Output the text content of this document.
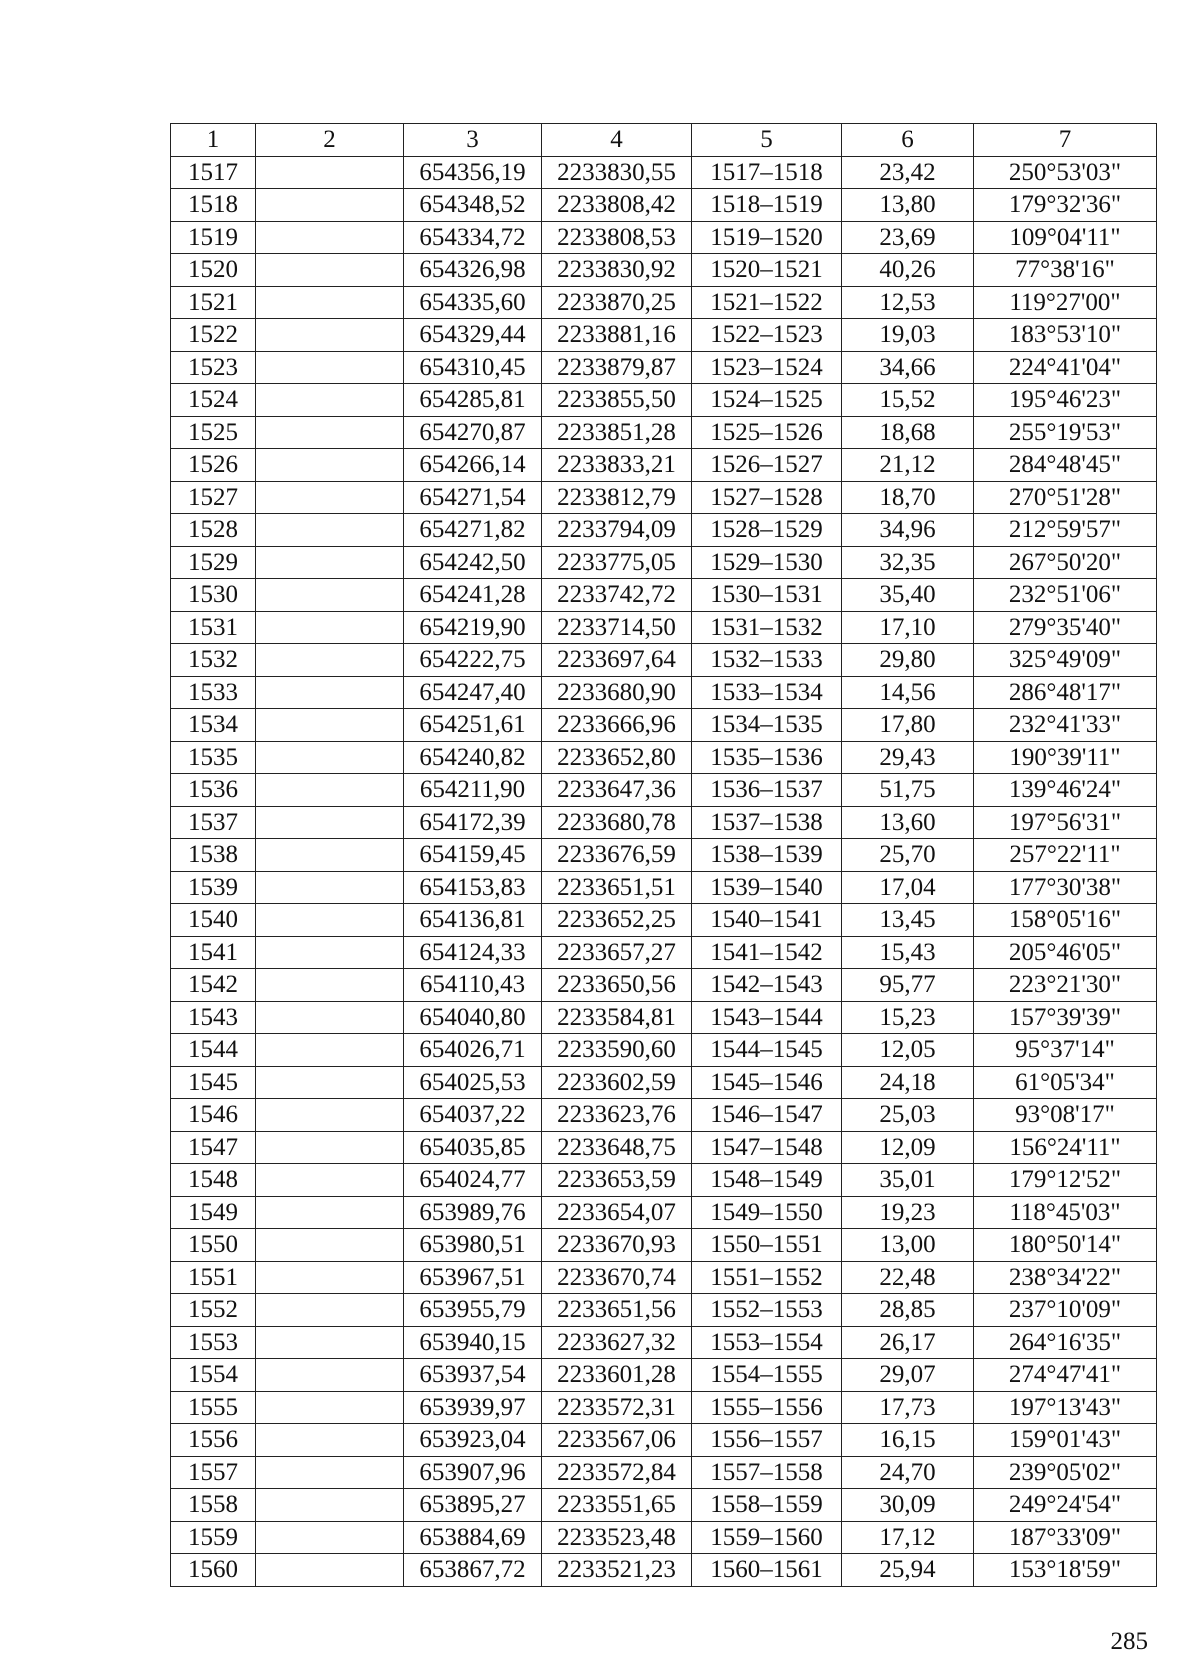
1	2	3	4	5	6	7
1517		654356,19	2233830,55	1517–1518	23,42	250°53'03"
1518		654348,52	2233808,42	1518–1519	13,80	179°32'36"
1519		654334,72	2233808,53	1519–1520	23,69	109°04'11"
1520		654326,98	2233830,92	1520–1521	40,26	77°38'16"
1521		654335,60	2233870,25	1521–1522	12,53	119°27'00"
1522		654329,44	2233881,16	1522–1523	19,03	183°53'10"
1523		654310,45	2233879,87	1523–1524	34,66	224°41'04"
1524		654285,81	2233855,50	1524–1525	15,52	195°46'23"
1525		654270,87	2233851,28	1525–1526	18,68	255°19'53"
1526		654266,14	2233833,21	1526–1527	21,12	284°48'45"
1527		654271,54	2233812,79	1527–1528	18,70	270°51'28"
1528		654271,82	2233794,09	1528–1529	34,96	212°59'57"
1529		654242,50	2233775,05	1529–1530	32,35	267°50'20"
1530		654241,28	2233742,72	1530–1531	35,40	232°51'06"
1531		654219,90	2233714,50	1531–1532	17,10	279°35'40"
1532		654222,75	2233697,64	1532–1533	29,80	325°49'09"
1533		654247,40	2233680,90	1533–1534	14,56	286°48'17"
1534		654251,61	2233666,96	1534–1535	17,80	232°41'33"
1535		654240,82	2233652,80	1535–1536	29,43	190°39'11"
1536		654211,90	2233647,36	1536–1537	51,75	139°46'24"
1537		654172,39	2233680,78	1537–1538	13,60	197°56'31"
1538		654159,45	2233676,59	1538–1539	25,70	257°22'11"
1539		654153,83	2233651,51	1539–1540	17,04	177°30'38"
1540		654136,81	2233652,25	1540–1541	13,45	158°05'16"
1541		654124,33	2233657,27	1541–1542	15,43	205°46'05"
1542		654110,43	2233650,56	1542–1543	95,77	223°21'30"
1543		654040,80	2233584,81	1543–1544	15,23	157°39'39"
1544		654026,71	2233590,60	1544–1545	12,05	95°37'14"
1545		654025,53	2233602,59	1545–1546	24,18	61°05'34"
1546		654037,22	2233623,76	1546–1547	25,03	93°08'17"
1547		654035,85	2233648,75	1547–1548	12,09	156°24'11"
1548		654024,77	2233653,59	1548–1549	35,01	179°12'52"
1549		653989,76	2233654,07	1549–1550	19,23	118°45'03"
1550		653980,51	2233670,93	1550–1551	13,00	180°50'14"
1551		653967,51	2233670,74	1551–1552	22,48	238°34'22"
1552		653955,79	2233651,56	1552–1553	28,85	237°10'09"
1553		653940,15	2233627,32	1553–1554	26,17	264°16'35"
1554		653937,54	2233601,28	1554–1555	29,07	274°47'41"
1555		653939,97	2233572,31	1555–1556	17,73	197°13'43"
1556		653923,04	2233567,06	1556–1557	16,15	159°01'43"
1557		653907,96	2233572,84	1557–1558	24,70	239°05'02"
1558		653895,27	2233551,65	1558–1559	30,09	249°24'54"
1559		653884,69	2233523,48	1559–1560	17,12	187°33'09"
1560		653867,72	2233521,23	1560–1561	25,94	153°18'59"
285
